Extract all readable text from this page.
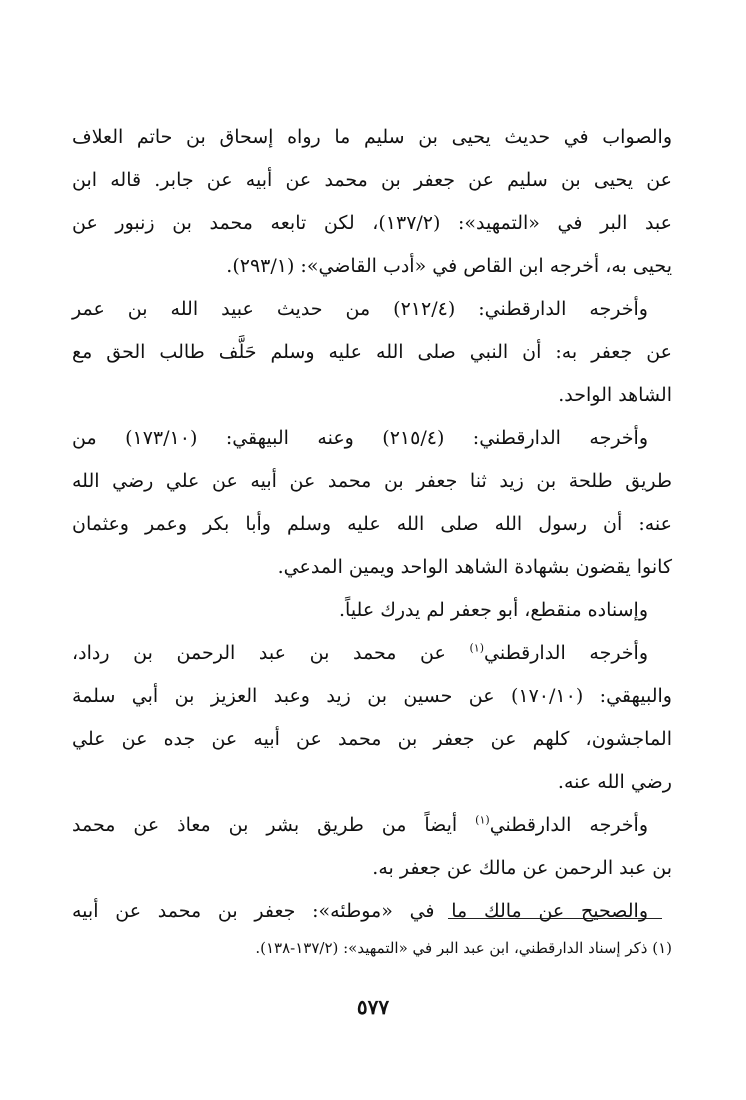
والصواب في حديث يحيى بن سليم ما رواه إسحاق بن حاتم العلاف
عن يحيى بن سليم عن جعفر بن محمد عن أبيه عن جابر. قاله ابن
عبد البر في «التمهيد»: (١٣٧/٢)، لكن تابعه محمد بن زنبور عن
يحيى به، أخرجه ابن القاص في «أدب القاضي»: (٢٩٣/١).
وأخرجه الدارقطني: (٢١٢/٤) من حديث عبيد الله بن عمر
عن جعفر به: أن النبي صلى الله عليه وسلم حَلَّف طالب الحق مع
الشاهد الواحد.
وأخرجه الدارقطني: (٢١٥/٤) وعنه البيهقي: (١٧٣/١٠) من
طريق طلحة بن زيد ثنا جعفر بن محمد عن أبيه عن علي رضي الله
عنه: أن رسول الله صلى الله عليه وسلم وأبا بكر وعمر وعثمان
كانوا يقضون بشهادة الشاهد الواحد ويمين المدعي.
وإسناده منقطع، أبو جعفر لم يدرك علياً.
وأخرجه الدارقطني$^{(١)}$ عن محمد بن عبد الرحمن بن رداد،
والبيهقي: (١٧٠/١٠) عن حسين بن زيد وعبد العزيز بن أبي سلمة
الماجشون، كلهم عن جعفر بن محمد عن أبيه عن جده عن علي
رضي الله عنه.
وأخرجه الدارقطني$^{(١)}$ أيضاً من طريق بشر بن معاذ عن محمد
بن عبد الرحمن عن مالك عن جعفر به.
والصحيح عن مالك ما في «موطئه»: جعفر بن محمد عن أبيه
(١) ذكر إسناد الدارقطني، ابن عبد البر في «التمهيد»: (١٣٧/٢-١٣٨).
٥٧٧
